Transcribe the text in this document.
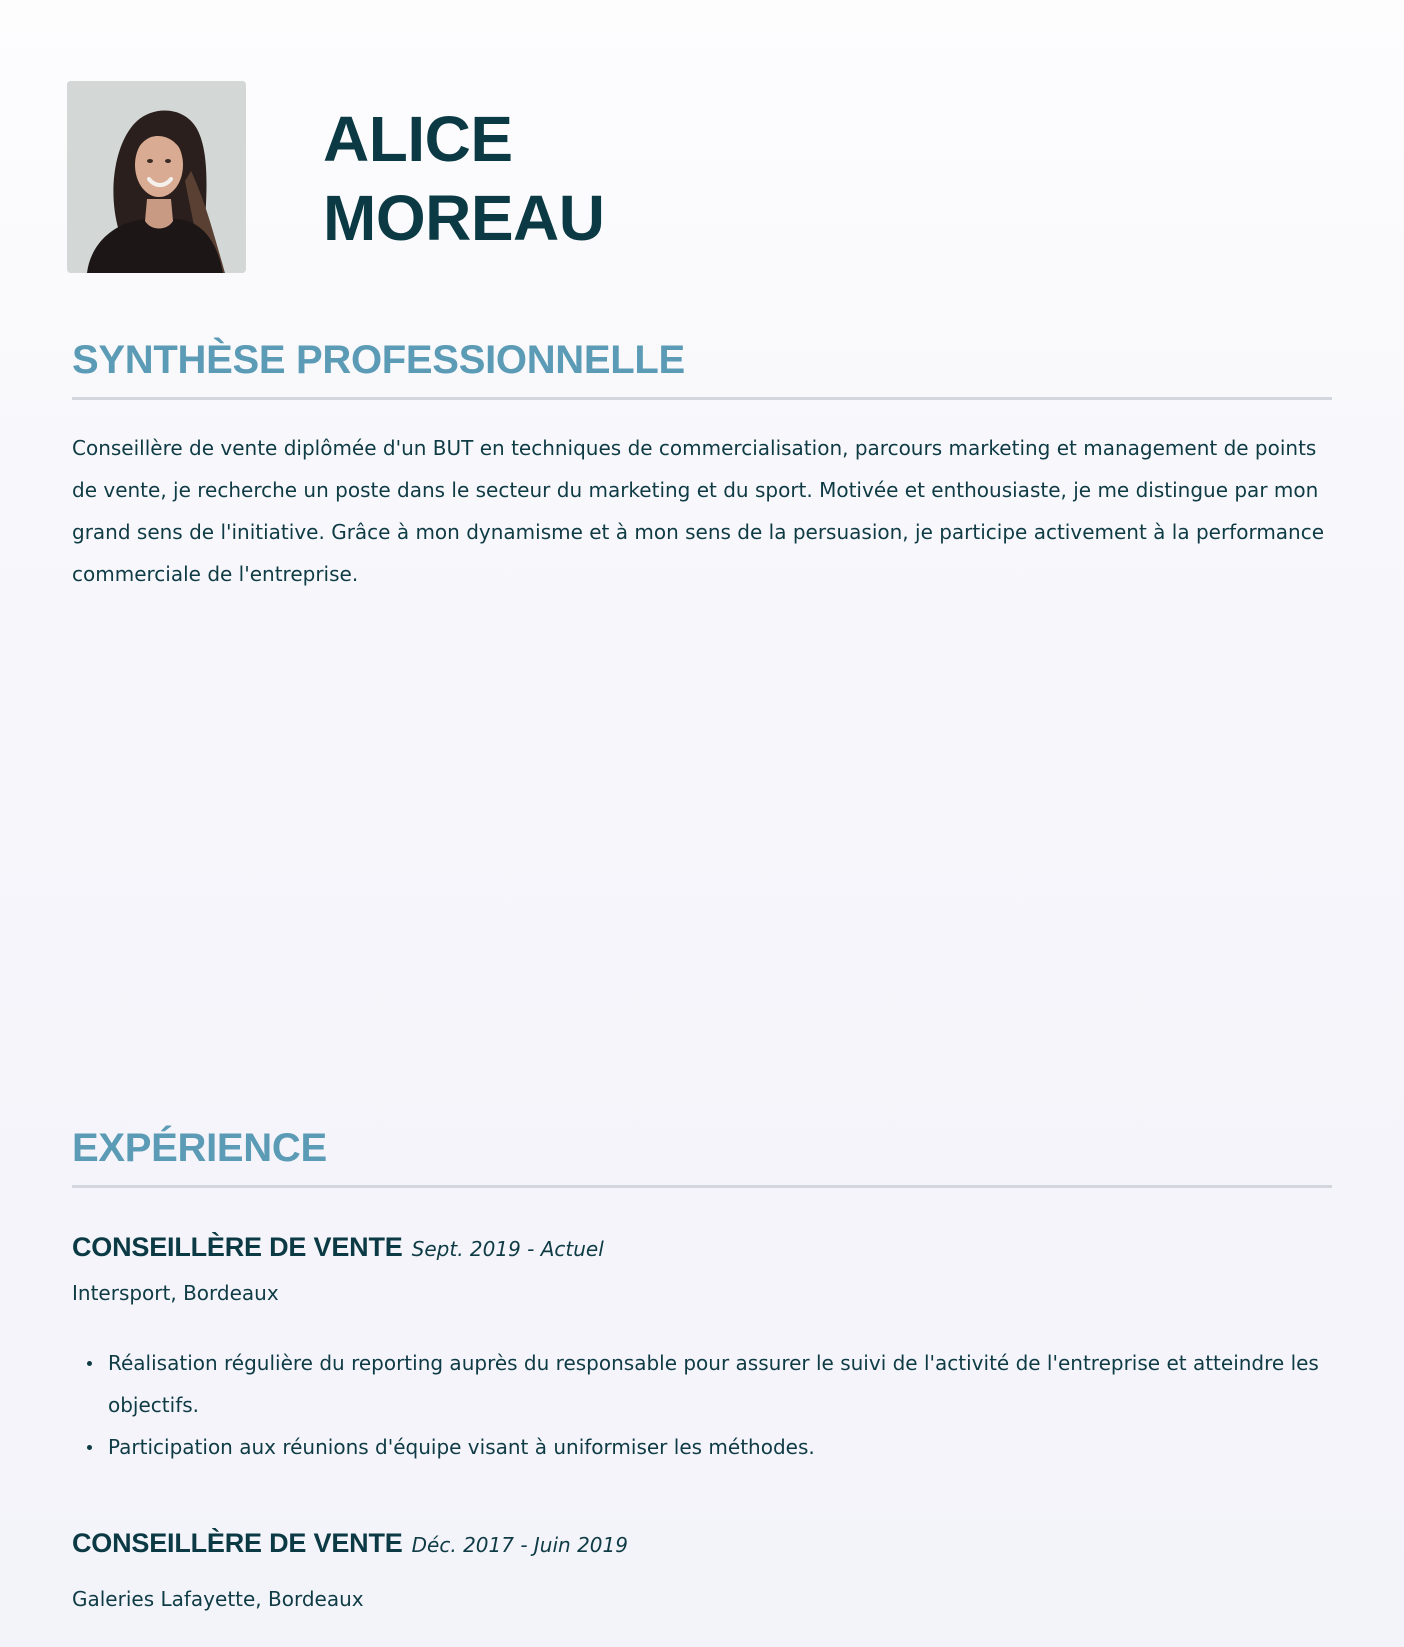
ALICE
MOREAU
SYNTHÈSE PROFESSIONNELLE

Conseillère de vente diplômée d'un BUT en techniques de commercialisation, parcours marketing et management de points de vente, je recherche un poste dans le secteur du marketing et du sport. Motivée et enthousiaste, je me distingue par mon grand sens de l'initiative. Grâce à mon dynamisme et à mon sens de la persuasion, je participe activement à la performance commerciale de l'entreprise.

EXPÉRIENCE

CONSEILLÈRE DE VENTE Sept. 2019 - Actuel

Intersport, Bordeaux

Réalisation régulière du reporting auprès du responsable pour assurer le suivi de l'activité de l'entreprise et atteindre les objectifs.
Participation aux réunions d'équipe visant à uniformiser les méthodes.

CONSEILLÈRE DE VENTE Déc. 2017 - Juin 2019

Galeries Lafayette, Bordeaux
